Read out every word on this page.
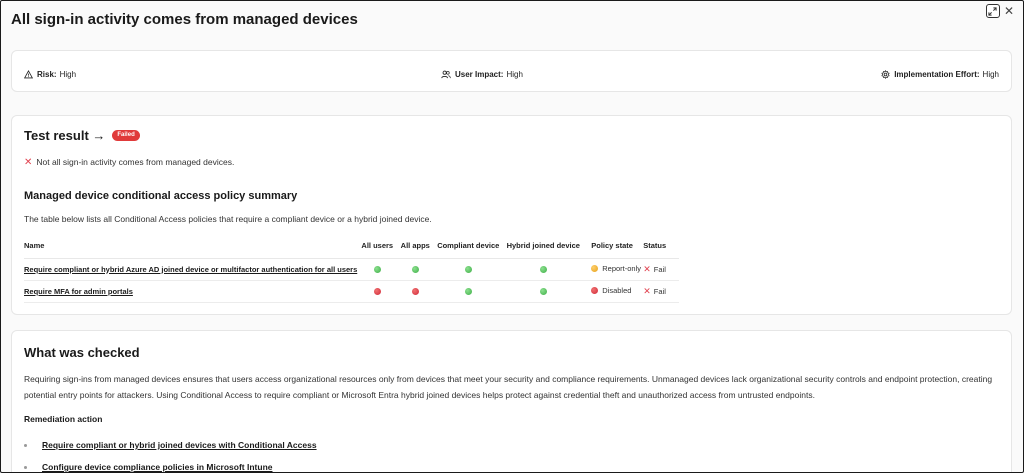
All sign-in activity comes from managed devices	✕
Risk: High	User Impact: High	Implementation Effort: High
Test result →	Failed
✕ Not all sign-in activity comes from managed devices.
Managed device conditional access policy summary
The table below lists all Conditional Access policies that require a compliant device or a hybrid joined device.
Name	All users	All apps	Compliant device	Hybrid joined device	Policy state	Status
Require compliant or hybrid Azure AD joined device or multifactor authentication for all users					Report-only	✕ Fail

Require MFA for admin portals					Disabled	✕ Fail
What was checked
Requiring sign-ins from managed devices ensures that users access organizational resources only from devices that meet your security and compliance requirements. Unmanaged devices lack organizational security controls and endpoint protection, creating potential entry points for attackers. Using Conditional Access to require compliant or Microsoft Entra hybrid joined devices helps protect against credential theft and unauthorized access from untrusted endpoints.
Remediation action
Require compliant or hybrid joined devices with Conditional Access
Configure device compliance policies in Microsoft Intune
